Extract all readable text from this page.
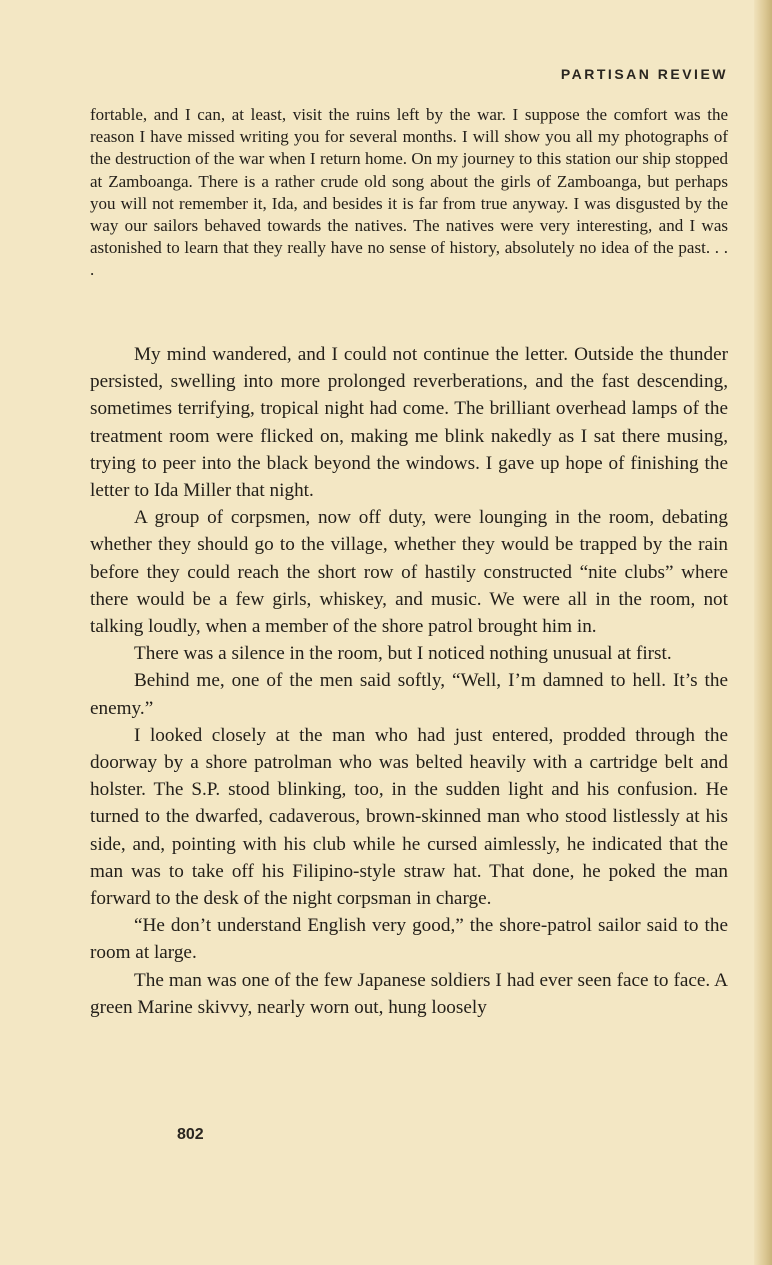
PARTISAN REVIEW

fortable, and I can, at least, visit the ruins left by the war. I suppose the comfort was the reason I have missed writing you for several months. I will show you all my photographs of the destruction of the war when I return home. On my journey to this station our ship stopped at Zamboanga. There is a rather crude old song about the girls of Zamboanga, but perhaps you will not remember it, Ida, and besides it is far from true anyway. I was disgusted by the way our sailors behaved towards the natives. The natives were very interesting, and I was astonished to learn that they really have no sense of history, absolutely no idea of the past. . . .

My mind wandered, and I could not continue the letter. Outside the thunder persisted, swelling into more prolonged reverberations, and the fast descending, sometimes terrifying, tropical night had come. The brilliant overhead lamps of the treatment room were flicked on, making me blink nakedly as I sat there musing, trying to peer into the black beyond the windows. I gave up hope of finishing the letter to Ida Miller that night.

A group of corpsmen, now off duty, were lounging in the room, debating whether they should go to the village, whether they would be trapped by the rain before they could reach the short row of hastily constructed “nite clubs” where there would be a few girls, whiskey, and music. We were all in the room, not talking loudly, when a member of the shore patrol brought him in.

There was a silence in the room, but I noticed nothing unusual at first.

Behind me, one of the men said softly, “Well, I’m damned to hell. It’s the enemy.”

I looked closely at the man who had just entered, prodded through the doorway by a shore patrolman who was belted heavily with a cartridge belt and holster. The S.P. stood blinking, too, in the sudden light and his confusion. He turned to the dwarfed, cadaverous, brown-skinned man who stood listlessly at his side, and, pointing with his club while he cursed aimlessly, he indicated that the man was to take off his Filipino-style straw hat. That done, he poked the man forward to the desk of the night corpsman in charge.

“He don’t understand English very good,” the shore-patrol sailor said to the room at large.

The man was one of the few Japanese soldiers I had ever seen face to face. A green Marine skivvy, nearly worn out, hung loosely

802
